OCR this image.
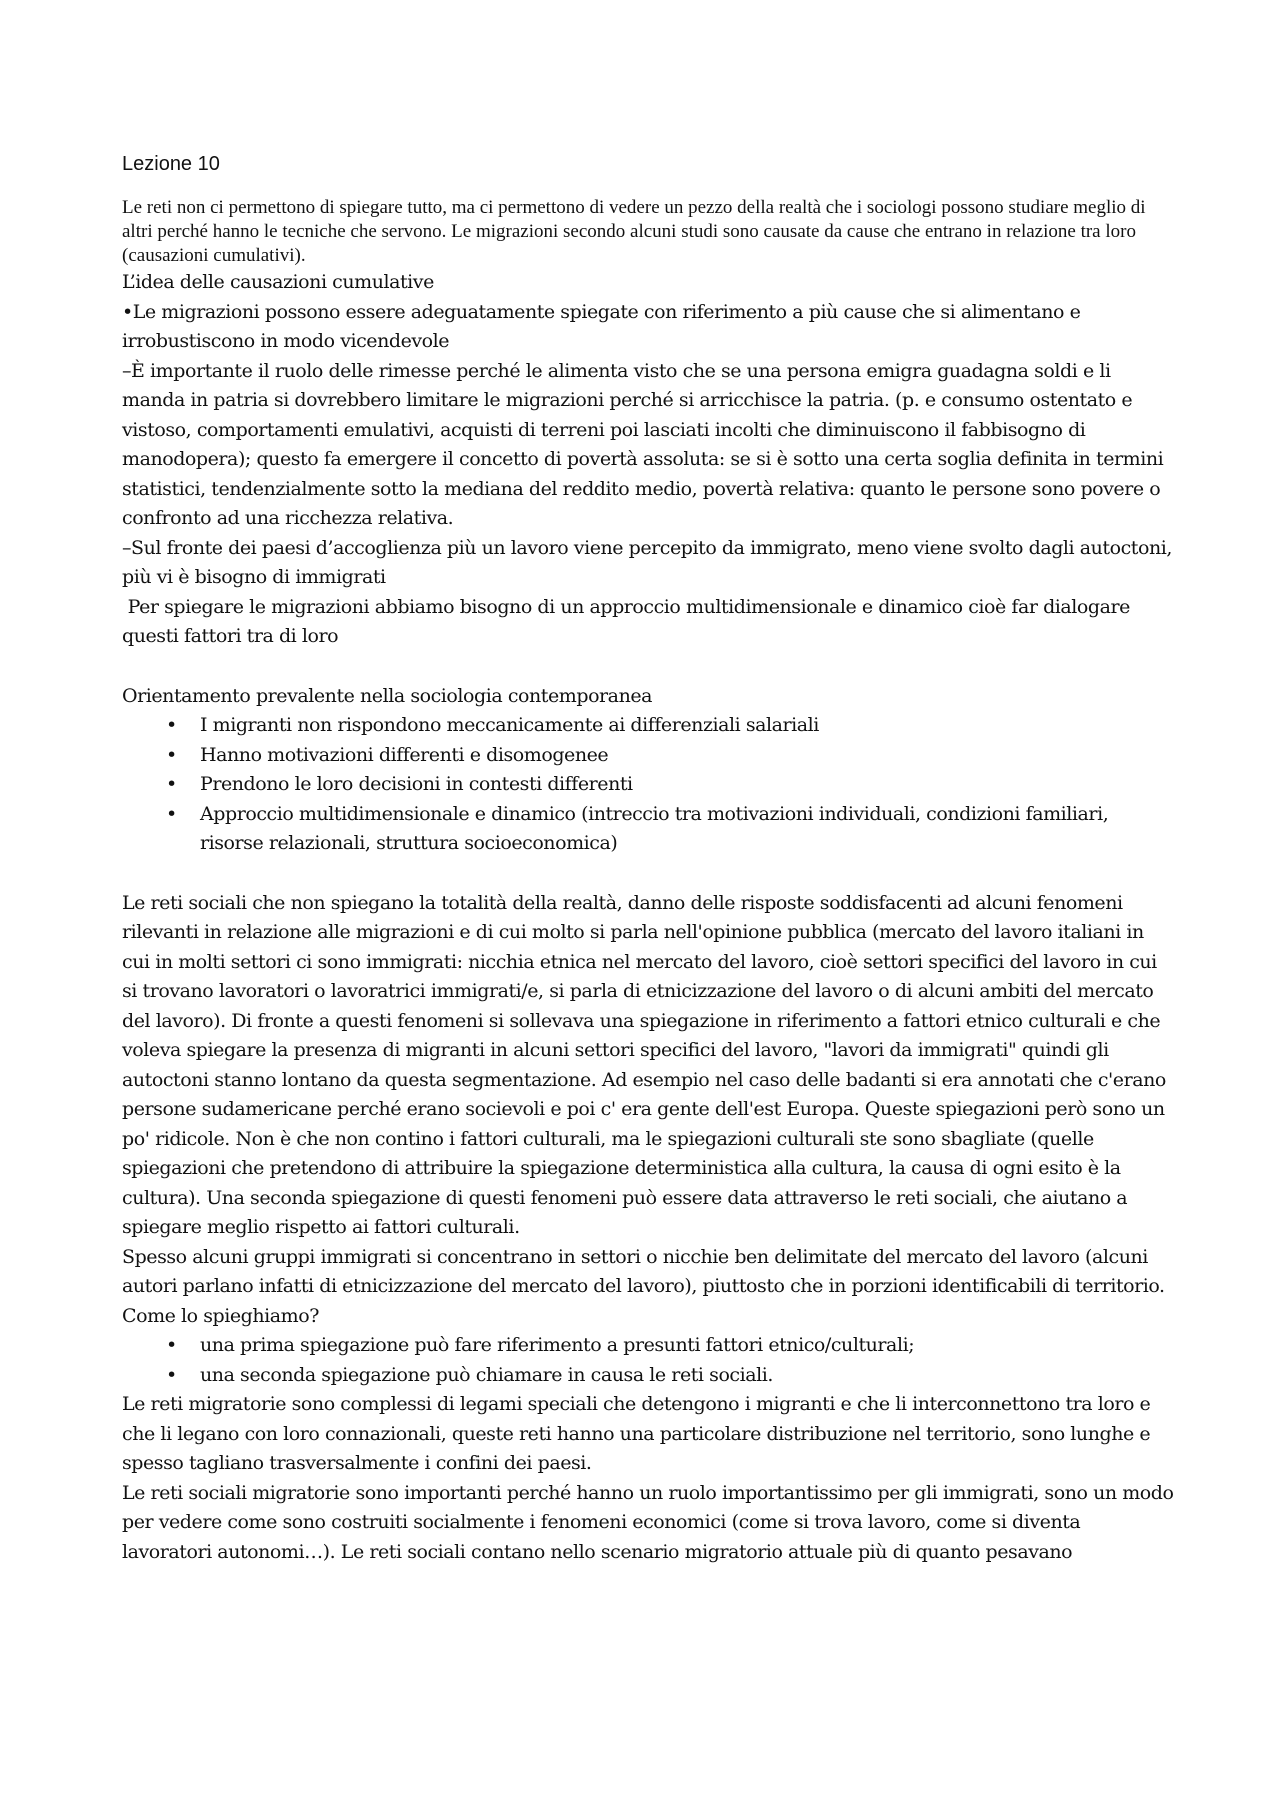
Lezione 10

Le reti non ci permettono di spiegare tutto, ma ci permettono di vedere un pezzo della realtà che i sociologi possono studiare meglio di altri perché hanno le tecniche che servono. Le migrazioni secondo alcuni studi sono causate da cause che entrano in relazione tra loro (causazioni cumulativi).

L’idea delle causazioni cumulative

•Le migrazioni possono essere adeguatamente spiegate con riferimento a più cause che si alimentano e irrobustiscono in modo vicendevole

–È importante il ruolo delle rimesse perché le alimenta visto che se una persona emigra guadagna soldi e li manda in patria si dovrebbero limitare le migrazioni perché si arricchisce la patria. (p. e consumo ostentato e vistoso, comportamenti emulativi, acquisti di terreni poi lasciati incolti che diminuiscono il fabbisogno di manodopera); questo fa emergere il concetto di povertà assoluta: se si è sotto una certa soglia definita in termini statistici, tendenzialmente sotto la mediana del reddito medio, povertà relativa: quanto le persone sono povere o confronto ad una ricchezza relativa.

–Sul fronte dei paesi d’accoglienza più un lavoro viene percepito da immigrato, meno viene svolto dagli autoctoni, più vi è bisogno di immigrati

Per spiegare le migrazioni abbiamo bisogno di un approccio multidimensionale e dinamico cioè far dialogare questi fattori tra di loro

Orientamento prevalente nella sociologia contemporanea

• I migranti non rispondono meccanicamente ai differenziali salariali
• Hanno motivazioni differenti e disomogenee
• Prendono le loro decisioni in contesti differenti
• Approccio multidimensionale e dinamico (intreccio tra motivazioni individuali, condizioni familiari, risorse relazionali, struttura socioeconomica)

Le reti sociali che non spiegano la totalità della realtà, danno delle risposte soddisfacenti ad alcuni fenomeni rilevanti in relazione alle migrazioni e di cui molto si parla nell'opinione pubblica (mercato del lavoro italiani in cui in molti settori ci sono immigrati: nicchia etnica nel mercato del lavoro, cioè settori specifici del lavoro in cui si trovano lavoratori o lavoratrici immigrati/e, si parla di etnicizzazione del lavoro o di alcuni ambiti del mercato del lavoro). Di fronte a questi fenomeni si sollevava una spiegazione in riferimento a fattori etnico culturali e che voleva spiegare la presenza di migranti in alcuni settori specifici del lavoro, "lavori da immigrati" quindi gli autoctoni stanno lontano da questa segmentazione. Ad esempio nel caso delle badanti si era annotati che c'erano persone sudamericane perché erano socievoli e poi c' era gente dell'est Europa. Queste spiegazioni però sono un po' ridicole. Non è che non contino i fattori culturali, ma le spiegazioni culturali ste sono sbagliate (quelle spiegazioni che pretendono di attribuire la spiegazione deterministica alla cultura, la causa di ogni esito è la cultura). Una seconda spiegazione di questi fenomeni può essere data attraverso le reti sociali, che aiutano a spiegare meglio rispetto ai fattori culturali.

Spesso alcuni gruppi immigrati si concentrano in settori o nicchie ben delimitate del mercato del lavoro (alcuni autori parlano infatti di etnicizzazione del mercato del lavoro), piuttosto che in porzioni identificabili di territorio. Come lo spieghiamo?

• una prima spiegazione può fare riferimento a presunti fattori etnico/culturali;
• una seconda spiegazione può chiamare in causa le reti sociali.

Le reti migratorie sono complessi di legami speciali che detengono i migranti e che li interconnettono tra loro e che li legano con loro connazionali, queste reti hanno una particolare distribuzione nel territorio, sono lunghe e spesso tagliano trasversalmente i confini dei paesi.

Le reti sociali migratorie sono importanti perché hanno un ruolo importantissimo per gli immigrati, sono un modo per vedere come sono costruiti socialmente i fenomeni economici (come si trova lavoro, come si diventa lavoratori autonomi…). Le reti sociali contano nello scenario migratorio attuale più di quanto pesavano
